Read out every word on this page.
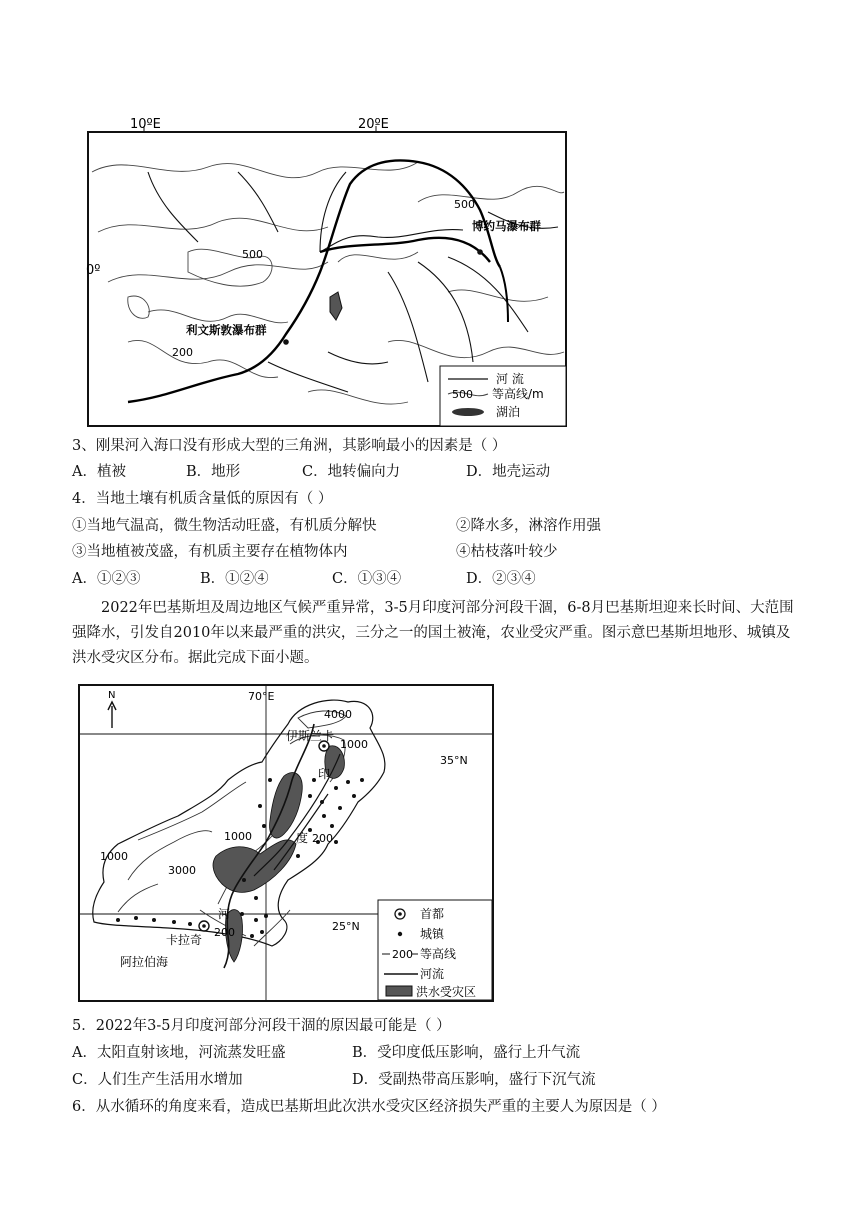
10ºE	20ºE
0º
500
500
200
博约马瀑布群
利文斯敦瀑布群
河 流
500 等高线/m
湖泊
3、刚果河入海口没有形成大型的三角洲，其影响最小的因素是（ ）
A．植被	B．地形	C．地转偏向力	D．地壳运动
4．当地土壤有机质含量低的原因有（ ）
①当地气温高，微生物活动旺盛，有机质分解快	②降水多，淋溶作用强
③当地植被茂盛，有机质主要存在植物体内	④枯枝落叶较少
A．①②③	B．①②④	C．①③④	D．②③④
2022年巴基斯坦及周边地区气候严重异常，3-5月印度河部分河段干涸，6-8月巴基斯坦迎来长时间、大范围强降水，引发自2010年以来最严重的洪灾，三分之一的国土被淹，农业受灾严重。图示意巴基斯坦地形、城镇及洪水受灾区分布。据此完成下面小题。
N	70°E
35°N
25°N
4000
1000
200
1000
1000
3000
200
伊斯兰卡
卡拉奇
阿拉伯海
印
度
河	首都
城镇
200 等高线
河流
洪水受灾区
5．2022年3-5月印度河部分河段干涸的原因最可能是（ ）
A．太阳直射该地，河流蒸发旺盛	B．受印度低压影响，盛行上升气流
C．人们生产生活用水增加	D．受副热带高压影响，盛行下沉气流
6．从水循环的角度来看，造成巴基斯坦此次洪水受灾区经济损失严重的主要人为原因是（ ）
